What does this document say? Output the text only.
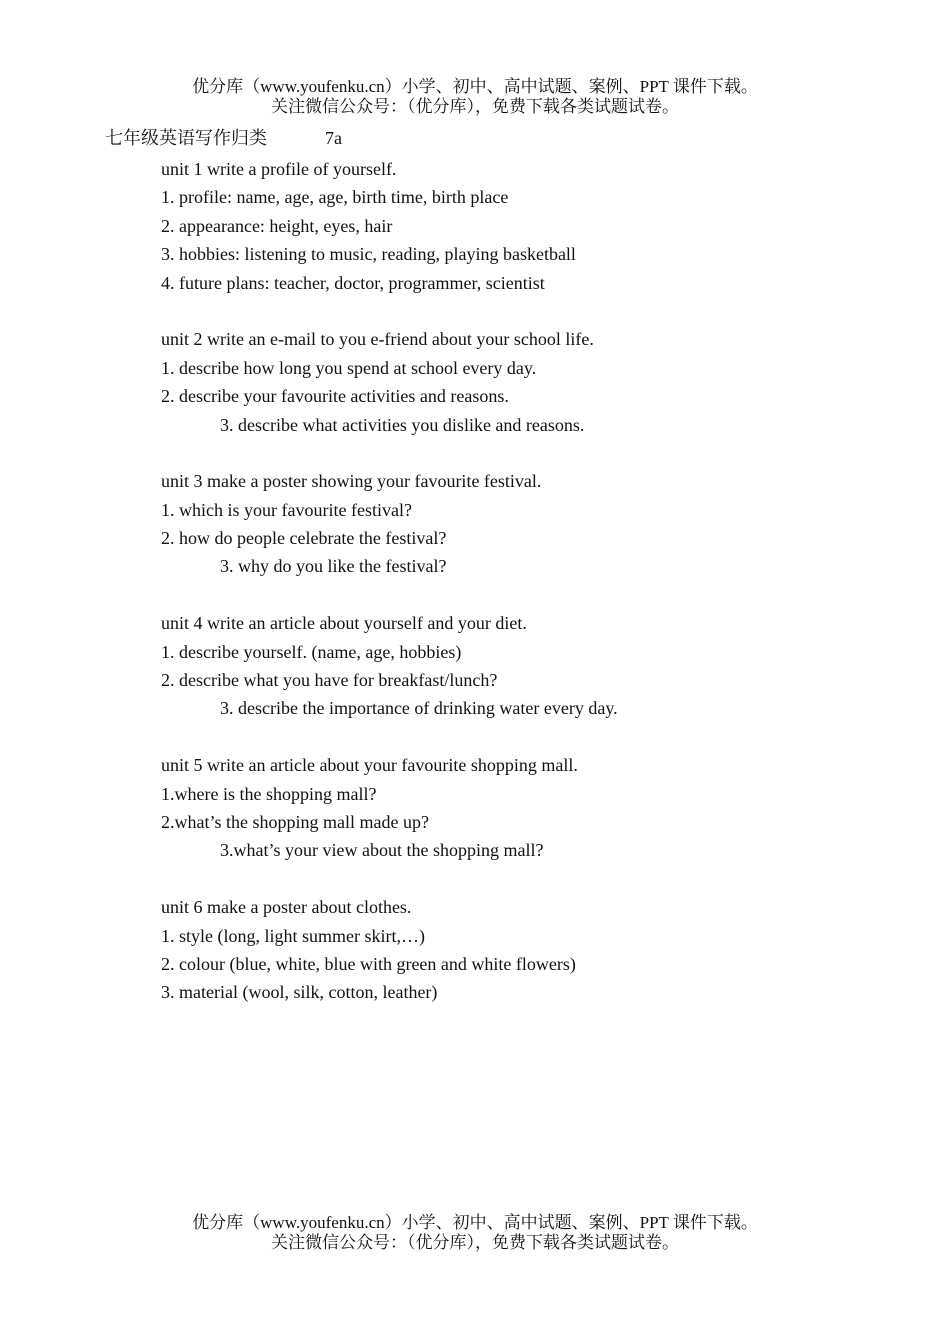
优分库（www.youfenku.cn）小学、初中、高中试题、案例、PPT 课件下载。
关注微信公众号：（优分库），免费下载各类试题试卷。
七年级英语写作归类	7a
unit 1 write a profile of yourself.
1. profile: name, age, age, birth time, birth place
2. appearance: height, eyes, hair
3. hobbies: listening to music, reading, playing basketball
4. future plans: teacher, doctor, programmer, scientist
unit 2 write an e-mail to you e-friend about your school life.
1. describe how long you spend at school every day.
2. describe your favourite activities and reasons.
3. describe what activities you dislike and reasons.
unit 3 make a poster showing your favourite festival.
1. which is your favourite festival?
2. how do people celebrate the festival?
3. why do you like the festival?
unit 4 write an article about yourself and your diet.
1. describe yourself. (name, age, hobbies)
2. describe what you have for breakfast/lunch?
3. describe the importance of drinking water every day.
unit 5 write an article about your favourite shopping mall.
1.where is the shopping mall?
2.what’s the shopping mall made up?
3.what’s your view about the shopping mall?
unit 6 make a poster about clothes.
1. style (long, light summer skirt,…)
2. colour (blue, white, blue with green and white flowers)
3. material (wool, silk, cotton, leather)
优分库（www.youfenku.cn）小学、初中、高中试题、案例、PPT 课件下载。
关注微信公众号：（优分库），免费下载各类试题试卷。
